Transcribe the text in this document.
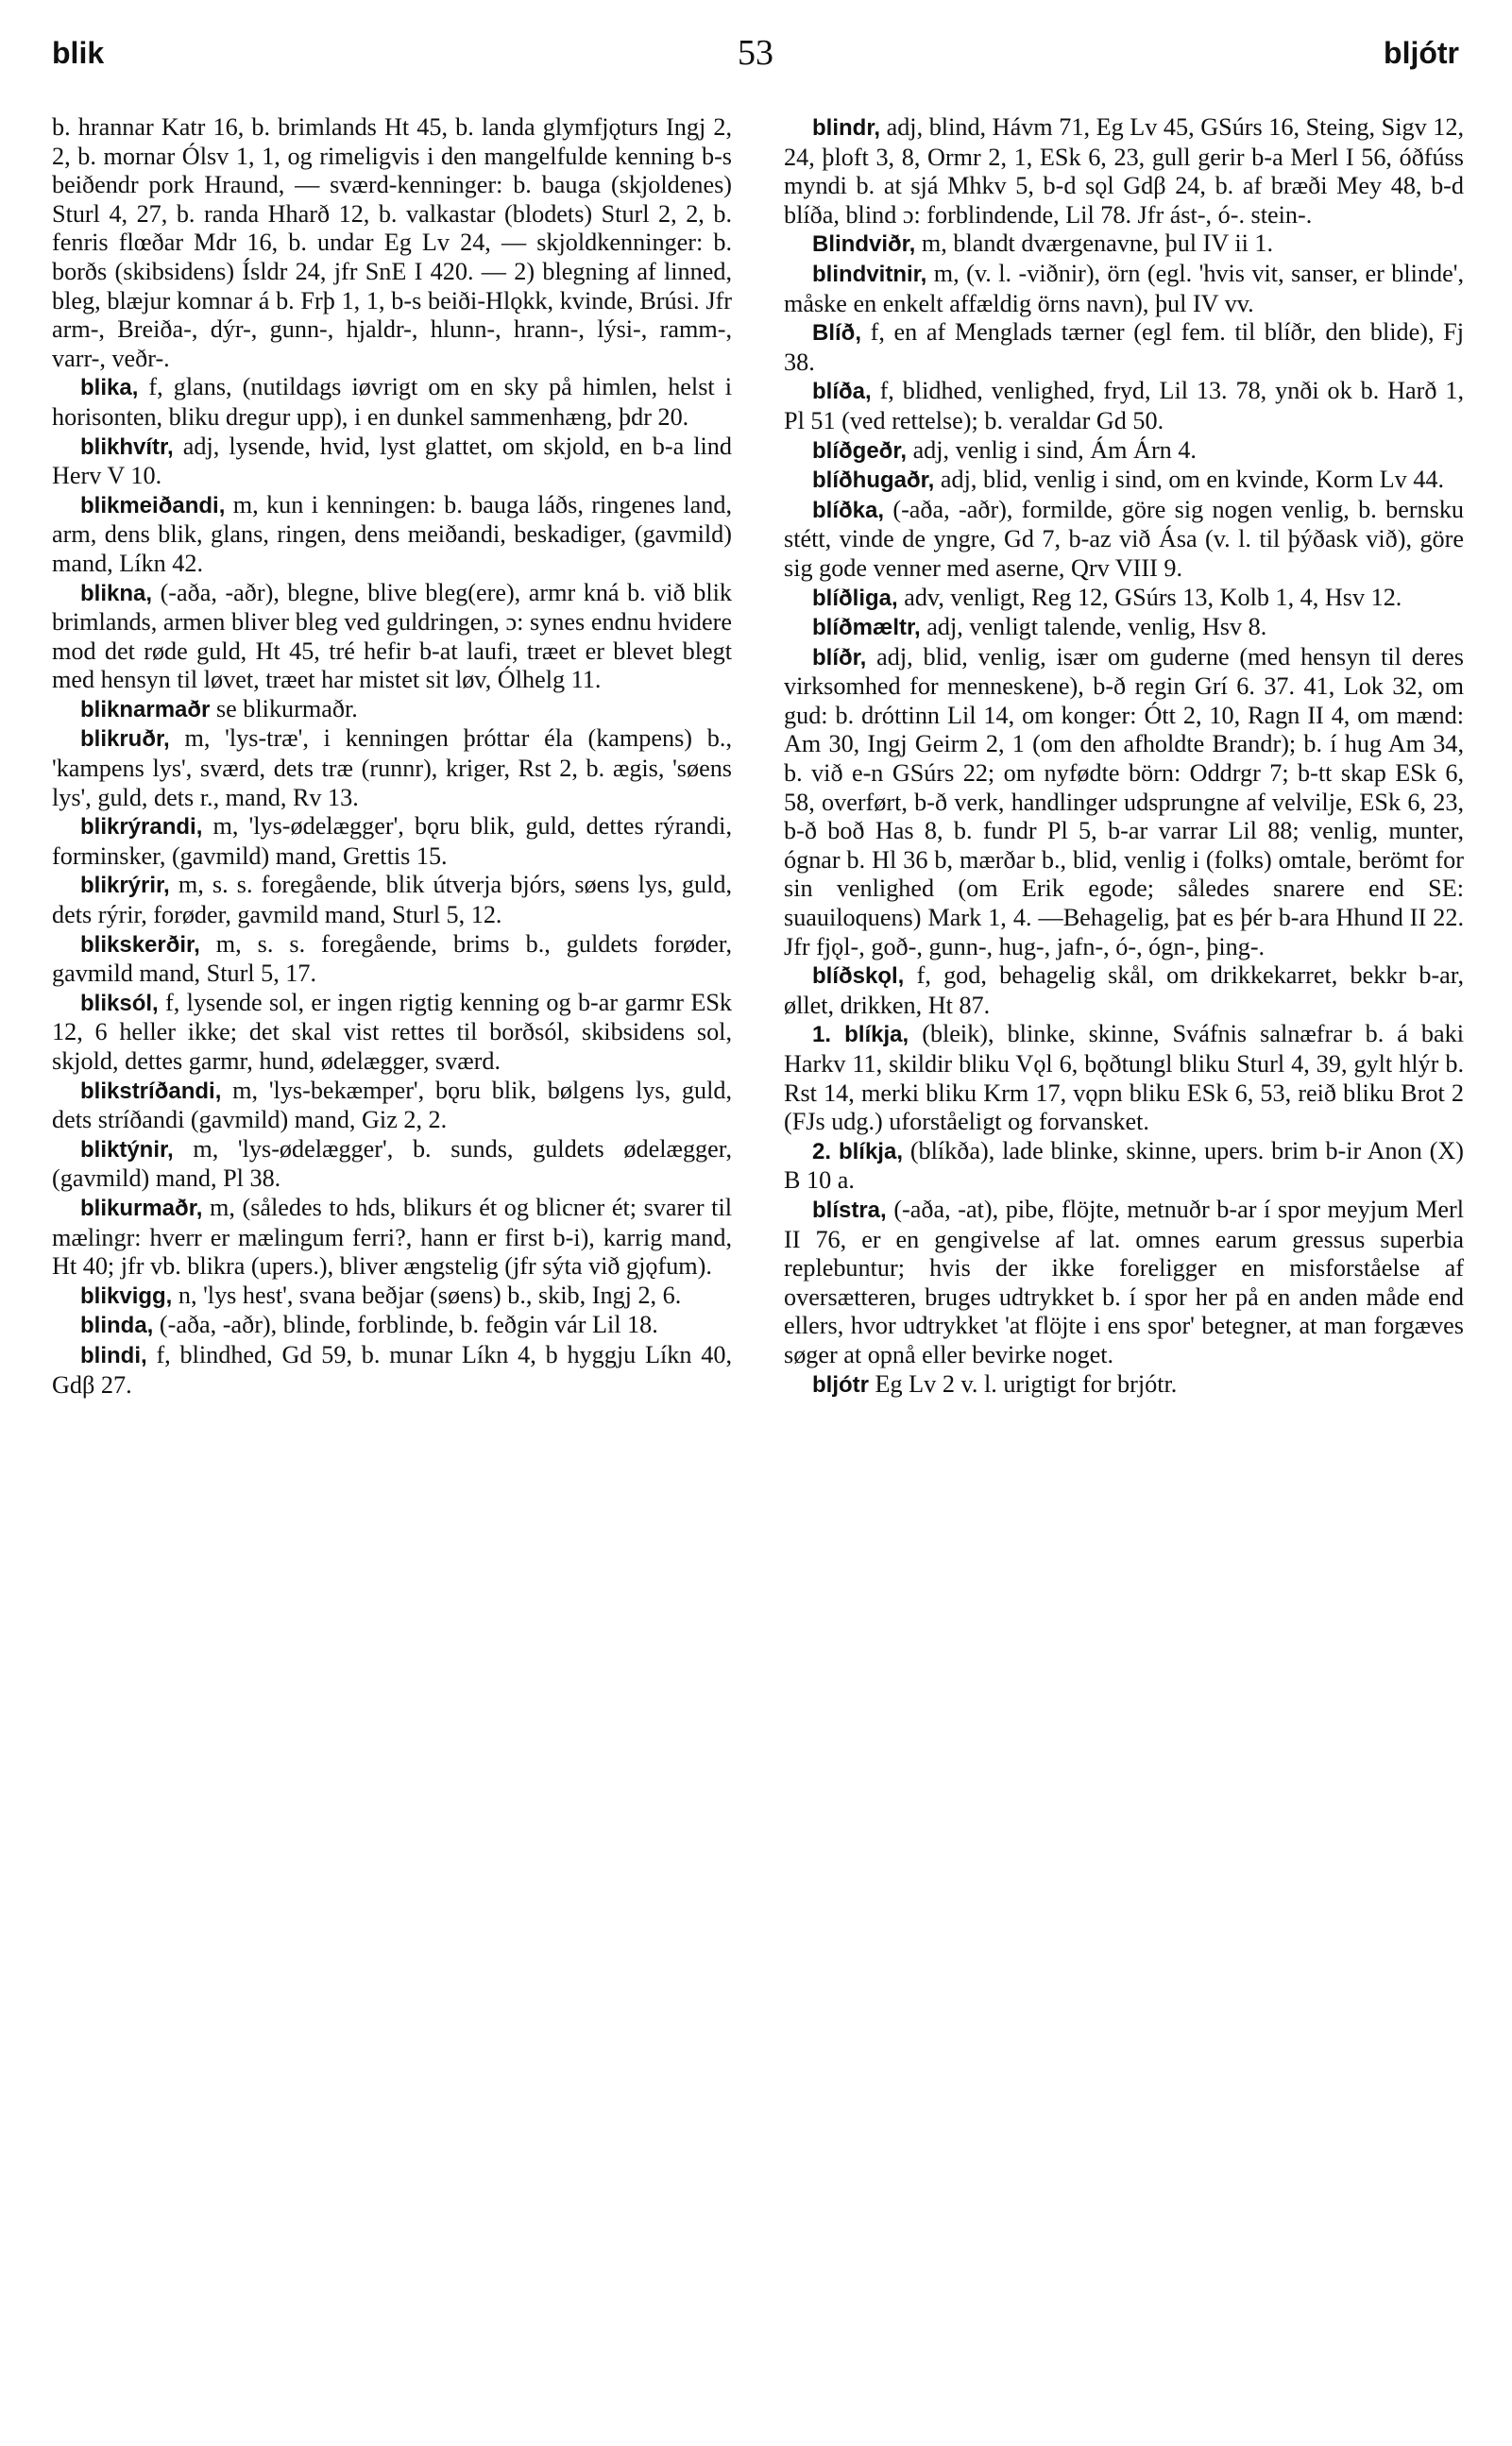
blik	53	bljótr

b. hrannar Katr 16, b. brimlands Ht 45, b. landa glymfjǫturs Ingj 2, 2, b. mornar Ólsv 1, 1, og rimeligvis i den mangelfulde kenning b-s beiðendr pork Hraund, — sværd-kenninger: b. bauga (skjoldenes) Sturl 4, 27, b. randa Hharð 12, b. valkastar (blodets) Sturl 2, 2, b. fenris flœðar Mdr 16, b. undar Eg Lv 24, — skjoldkenninger: b. borðs (skibsidens) Ísldr 24, jfr SnE I 420. — 2) blegning af linned, bleg, blæjur komnar á b. Frþ 1, 1, b-s beiði-Hlǫkk, kvinde, Brúsi. Jfr arm-, Breiða-, dýr-, gunn-, hjaldr-, hlunn-, hrann-, lýsi-, ramm-, varr-, veðr-.

blika, f, glans, (nutildags iøvrigt om en sky på himlen, helst i horisonten, bliku dregur upp), i en dunkel sammenhæng, þdr 20.

blikhvítr, adj, lysende, hvid, lyst glattet, om skjold, en b-a lind Herv V 10.

blikmeiðandi, m, kun i kenningen: b. bauga láðs, ringenes land, arm, dens blik, glans, ringen, dens meiðandi, beskadiger, (gavmild) mand, Líkn 42.

blikna, (-aða, -aðr), blegne, blive bleg(ere), armr kná b. við blik brimlands, armen bliver bleg ved guldringen, ɔ: synes endnu hvidere mod det røde guld, Ht 45, tré hefir b-at laufi, træet er blevet blegt med hensyn til løvet, træet har mistet sit løv, Ólhelg 11.

bliknarmaðr se blikurmaðr.

blikruðr, m, 'lys-træ', i kenningen þróttar éla (kampens) b., 'kampens lys', sværd, dets træ (runnr), kriger, Rst 2, b. ægis, 'søens lys', guld, dets r., mand, Rv 13.

blikrýrandi, m, 'lys-ødelægger', bǫru blik, guld, dettes rýrandi, forminsker, (gavmild) mand, Grettis 15.

blikrýrir, m, s. s. foregående, blik útverja bjórs, søens lys, guld, dets rýrir, forøder, gavmild mand, Sturl 5, 12.

blikskerðir, m, s. s. foregående, brims b., guldets forøder, gavmild mand, Sturl 5, 17.

bliksól, f, lysende sol, er ingen rigtig kenning og b-ar garmr ESk 12, 6 heller ikke; det skal vist rettes til borðsól, skibsidens sol, skjold, dettes garmr, hund, ødelægger, sværd.

blikstríðandi, m, 'lys-bekæmper', bǫru blik, bølgens lys, guld, dets stríðandi (gavmild) mand, Giz 2, 2.

bliktýnir, m, 'lys-ødelægger', b. sunds, guldets ødelægger, (gavmild) mand, Pl 38.

blikurmaðr, m, (således to hds, blikurs ét og blicner ét; svarer til mælingr: hverr er mælingum ferri?, hann er first b-i), karrig mand, Ht 40; jfr vb. blikra (upers.), bliver ængstelig (jfr sýta við gjǫfum).

blikvigg, n, 'lys hest', svana beðjar (søens) b., skib, Ingj 2, 6.

blinda, (-aða, -aðr), blinde, forblinde, b. feðgin vár Lil 18.

blindi, f, blindhed, Gd 59, b. munar Líkn 4, b hyggju Líkn 40, Gdβ 27.

blindr, adj, blind, Hávm 71, Eg Lv 45, GSúrs 16, Steing, Sigv 12, 24, þloft 3, 8, Ormr 2, 1, ESk 6, 23, gull gerir b-a Merl I 56, óðfúss myndi b. at sjá Mhkv 5, b-d sǫl Gdβ 24, b. af bræði Mey 48, b-d blíða, blind ɔ: forblindende, Lil 78. Jfr ást-, ó-. stein-.

Blindviðr, m, blandt dværgenavne, þul IV ii 1.

blindvitnir, m, (v. l. -viðnir), örn (egl. 'hvis vit, sanser, er blinde', måske en enkelt affældig örns navn), þul IV vv.

Blíð, f, en af Menglads tærner (egl fem. til blíðr, den blide), Fj 38.

blíða, f, blidhed, venlighed, fryd, Lil 13. 78, ynði ok b. Harð 1, Pl 51 (ved rettelse); b. veraldar Gd 50.

blíðgeðr, adj, venlig i sind, Ám Árn 4.

blíðhugaðr, adj, blid, venlig i sind, om en kvinde, Korm Lv 44.

blíðka, (-aða, -aðr), formilde, göre sig nogen venlig, b. bernsku stétt, vinde de yngre, Gd 7, b-az við Ása (v. l. til þýðask við), göre sig gode venner med aserne, Qrv VIII 9.

blíðliga, adv, venligt, Reg 12, GSúrs 13, Kolb 1, 4, Hsv 12.

blíðmæltr, adj, venligt talende, venlig, Hsv 8.

blíðr, adj, blid, venlig, især om guderne (med hensyn til deres virksomhed for menneskene), b-ð regin Grí 6. 37. 41, Lok 32, om gud: b. dróttinn Lil 14, om konger: Ótt 2, 10, Ragn II 4, om mænd: Am 30, Ingj Geirm 2, 1 (om den afholdte Brandr); b. í hug Am 34, b. við e-n GSúrs 22; om nyfødte börn: Oddrgr 7; b-tt skap ESk 6, 58, overført, b-ð verk, handlinger udsprungne af velvilje, ESk 6, 23, b-ð boð Has 8, b. fundr Pl 5, b-ar varrar Lil 88; venlig, munter, ógnar b. Hl 36 b, mærðar b., blid, venlig i (folks) omtale, berömt for sin venlighed (om Erik egode; således snarere end SE: suauiloquens) Mark 1, 4. —Behagelig, þat es þér b-ara Hhund II 22. Jfr fjǫl-, goð-, gunn-, hug-, jafn-, ó-, ógn-, þing-.

blíðskǫl, f, god, behagelig skål, om drikkekarret, bekkr b-ar, øllet, drikken, Ht 87.

1. blíkja, (bleik), blinke, skinne, Sváfnis salnæfrar b. á baki Harkv 11, skildir bliku Vǫl 6, bǫðtungl bliku Sturl 4, 39, gylt hlýr b. Rst 14, merki bliku Krm 17, vǫpn bliku ESk 6, 53, reið bliku Brot 2 (FJs udg.) uforståeligt og forvansket.

2. blíkja, (blíkða), lade blinke, skinne, upers. brim b-ir Anon (X) B 10 a.

blístra, (-aða, -at), pibe, flöjte, metnuðr b-ar í spor meyjum Merl II 76, er en gengivelse af lat. omnes earum gressus superbia replebuntur; hvis der ikke foreligger en misforståelse af oversætteren, bruges udtrykket b. í spor her på en anden måde end ellers, hvor udtrykket 'at flöjte i ens spor' betegner, at man forgæves søger at opnå eller bevirke noget.

bljótr Eg Lv 2 v. l. urigtigt for brjótr.
